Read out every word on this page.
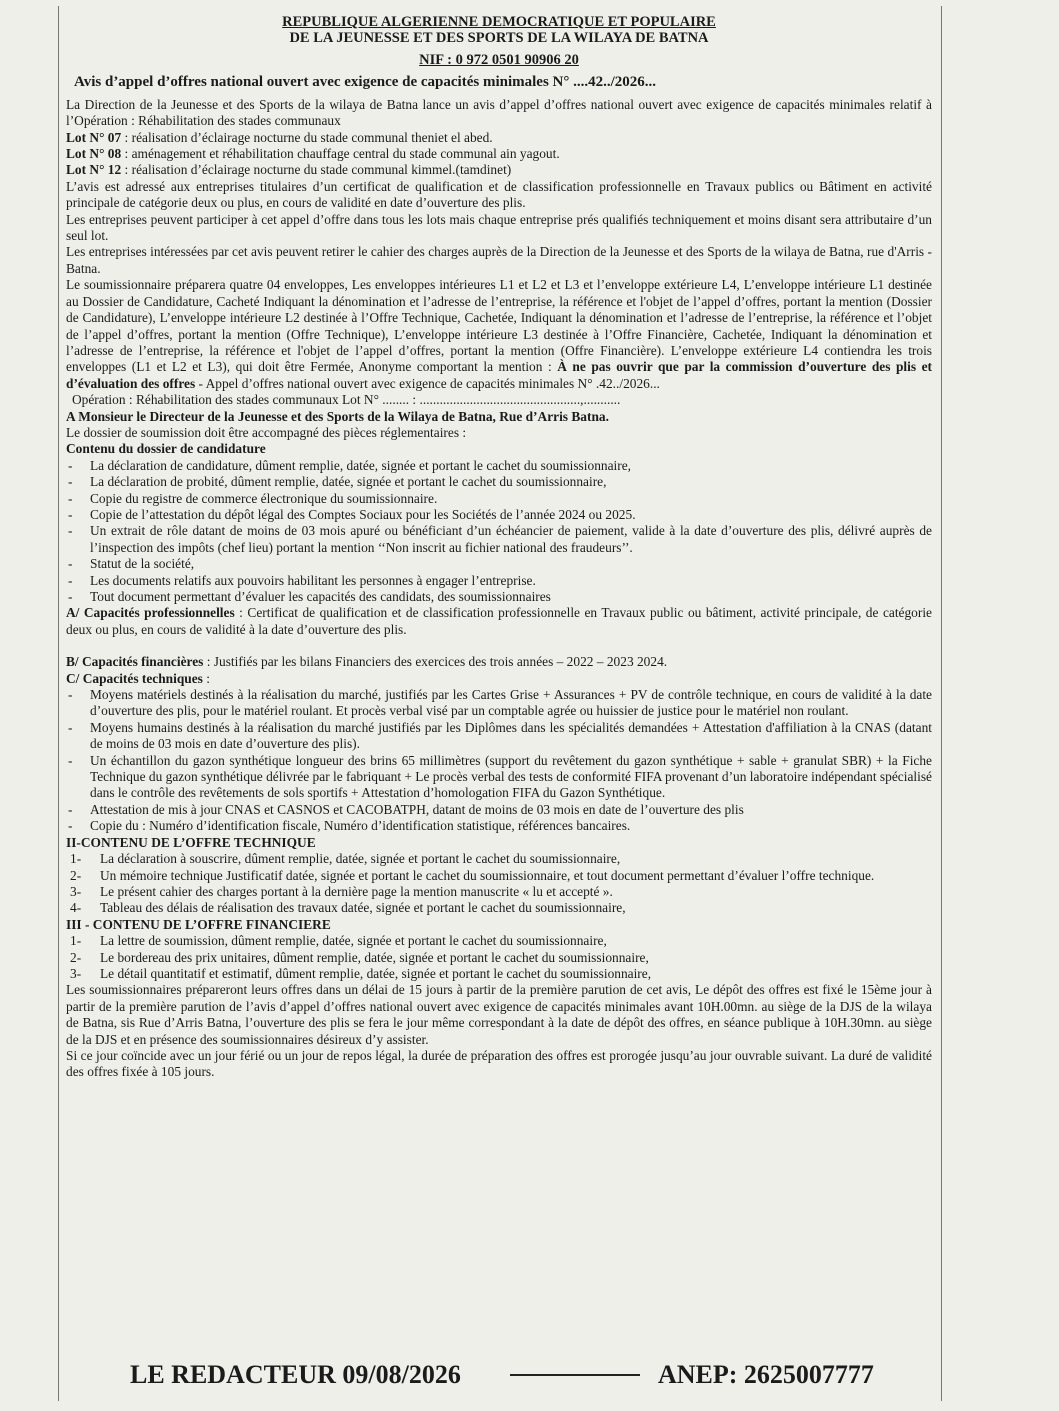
REPUBLIQUE ALGERIENNE DEMOCRATIQUE ET POPULAIRE

DE LA JEUNESSE ET DES SPORTS DE LA WILAYA DE BATNA

NIF : 0 972 0501 90906 20
Avis d’appel d’offres national ouvert avec exigence de capacités minimales N° ....42../2026...

La Direction de la Jeunesse et des Sports de la wilaya de Batna lance un avis d’appel d’offres national ouvert avec exigence de capacités minimales relatif à l’Opération : Réhabilitation des stades communaux

Lot N° 07 : réalisation d’éclairage nocturne du stade communal theniet el abed.

Lot N° 08 : aménagement et réhabilitation chauffage central du stade communal ain yagout.

Lot N° 12 : réalisation d’éclairage nocturne du stade communal kimmel.(tamdinet)

L’avis est adressé aux entreprises titulaires d’un certificat de qualification et de classification professionnelle en Travaux publics ou Bâtiment en activité principale de catégorie deux ou plus, en cours de validité en date d’ouverture des plis.

Les entreprises peuvent participer à cet appel d’offre dans tous les lots mais chaque entreprise prés qualifiés techniquement et moins disant sera attributaire d’un seul lot.

Les entreprises intéressées par cet avis peuvent retirer le cahier des charges auprès de la Direction de la Jeunesse et des Sports de la wilaya de Batna, rue d'Arris - Batna.

Le soumissionnaire préparera quatre 04 enveloppes, Les enveloppes intérieures L1 et L2 et L3 et l’enveloppe extérieure L4, L’enveloppe intérieure L1 destinée au Dossier de Candidature, Cacheté Indiquant la dénomination et l’adresse de l’entreprise, la référence et l'objet de l’appel d’offres, portant la mention (Dossier de Candidature), L’enveloppe intérieure L2 destinée à l’Offre Technique, Cachetée, Indiquant la dénomination et l’adresse de l’entreprise, la référence et l’objet de l’appel d’offres, portant la mention (Offre Technique), L’enveloppe intérieure L3 destinée à l’Offre Financière, Cachetée, Indiquant la dénomination et l’adresse de l’entreprise, la référence et l'objet de l’appel d’offres, portant la mention (Offre Financière). L’enveloppe extérieure L4 contiendra les trois enveloppes (L1 et L2 et L3), qui doit être Fermée, Anonyme comportant la mention : À ne pas ouvrir que par la commission d’ouverture des plis et d’évaluation des offres - Appel d’offres national ouvert avec exigence de capacités minimales N° .42../2026...

Opération : Réhabilitation des stades communaux Lot N° ........ : ................................................,...........

A Monsieur le Directeur de la Jeunesse et des Sports de la Wilaya de Batna, Rue d’Arris Batna.

Le dossier de soumission doit être accompagné des pièces réglementaires :

Contenu du dossier de candidature

- La déclaration de candidature, dûment remplie, datée, signée et portant le cachet du soumissionnaire,
- La déclaration de probité, dûment remplie, datée, signée et portant le cachet du soumissionnaire,
- Copie du registre de commerce électronique du soumissionnaire.
- Copie de l’attestation du dépôt légal des Comptes Sociaux pour les Sociétés de l’année 2024 ou 2025.
- Un extrait de rôle datant de moins de 03 mois apuré ou bénéficiant d’un échéancier de paiement, valide à la date d’ouverture des plis, délivré auprès de l’inspection des impôts (chef lieu) portant la mention ‘‘Non inscrit au fichier national des fraudeurs’’.
- Statut de la société,
- Les documents relatifs aux pouvoirs habilitant les personnes à engager l’entreprise.
- Tout document permettant d’évaluer les capacités des candidats, des soumissionnaires

A/ Capacités professionnelles : Certificat de qualification et de classification professionnelle en Travaux public ou bâtiment, activité principale, de catégorie deux ou plus, en cours de validité à la date d’ouverture des plis.

B/ Capacités financières : Justifiés par les bilans Financiers des exercices des trois années – 2022 – 2023 2024.

C/ Capacités techniques :

- Moyens matériels destinés à la réalisation du marché, justifiés par les Cartes Grise + Assurances + PV de contrôle technique, en cours de validité à la date d’ouverture des plis, pour le matériel roulant. Et procès verbal visé par un comptable agrée ou huissier de justice pour le matériel non roulant.
- Moyens humains destinés à la réalisation du marché justifiés par les Diplômes dans les spécialités demandées + Attestation d'affiliation à la CNAS (datant de moins de 03 mois en date d’ouverture des plis).
- Un échantillon du gazon synthétique longueur des brins 65 millimètres (support du revêtement du gazon synthétique + sable + granulat SBR) + la Fiche Technique du gazon synthétique délivrée par le fabriquant + Le procès verbal des tests de conformité FIFA provenant d’un laboratoire indépendant spécialisé dans le contrôle des revêtements de sols sportifs + Attestation d’homologation FIFA du Gazon Synthétique.
- Attestation de mis à jour CNAS et CASNOS et CACOBATPH, datant de moins de 03 mois en date de l’ouverture des plis
- Copie du : Numéro d’identification fiscale, Numéro d’identification statistique, références bancaires.

II-CONTENU DE L’OFFRE TECHNIQUE

1- La déclaration à souscrire, dûment remplie, datée, signée et portant le cachet du soumissionnaire,
2- Un mémoire technique Justificatif datée, signée et portant le cachet du soumissionnaire, et tout document permettant d’évaluer l’offre technique.
3- Le présent cahier des charges portant à la dernière page la mention manuscrite « lu et accepté ».
4- Tableau des délais de réalisation des travaux datée, signée et portant le cachet du soumissionnaire,

III - CONTENU DE L’OFFRE FINANCIERE

1- La lettre de soumission, dûment remplie, datée, signée et portant le cachet du soumissionnaire,
2- Le bordereau des prix unitaires, dûment remplie, datée, signée et portant le cachet du soumissionnaire,
3- Le détail quantitatif et estimatif, dûment remplie, datée, signée et portant le cachet du soumissionnaire,

Les soumissionnaires prépareront leurs offres dans un délai de 15 jours à partir de la première parution de cet avis, Le dépôt des offres est fixé le 15ème jour à partir de la première parution de l’avis d’appel d’offres national ouvert avec exigence de capacités minimales avant 10H.00mn. au siège de la DJS de la wilaya de Batna, sis Rue d’Arris Batna, l’ouverture des plis se fera le jour même correspondant à la date de dépôt des offres, en séance publique à 10H.30mn. au siège de la DJS et en présence des soumissionnaires désireux d’y assister.

Si ce jour coïncide avec un jour férié ou un jour de repos légal, la durée de préparation des offres est prorogée jusqu’au jour ouvrable suivant. La duré de validité des offres fixée à 105 jours.

LE REDACTEUR 09/08/2026	ANEP: 2625007777
